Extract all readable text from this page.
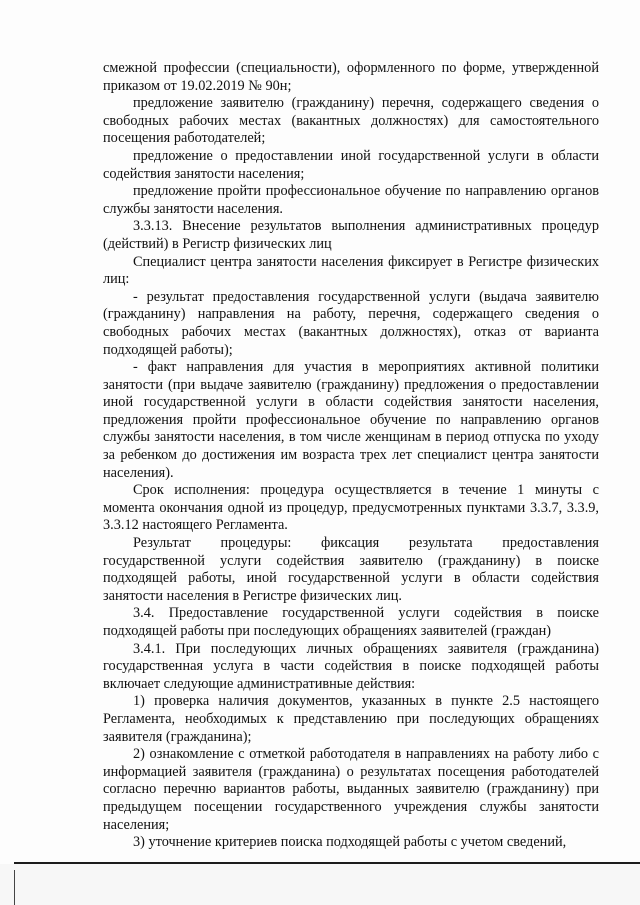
смежной профессии (специальности), оформленного по форме, утвержденной приказом от 19.02.2019 № 90н;

предложение заявителю (гражданину) перечня, содержащего сведения о свободных рабочих местах (вакантных должностях) для самостоятельного посещения работодателей;

предложение о предоставлении иной государственной услуги в области содействия занятости населения;

предложение пройти профессиональное обучение по направлению органов службы занятости населения.

3.3.13. Внесение результатов выполнения административных процедур (действий) в Регистр физических лиц

Специалист центра занятости населения фиксирует в Регистре физических лиц:

- результат предоставления государственной услуги (выдача заявителю (гражданину) направления на работу, перечня, содержащего сведения о свободных рабочих местах (вакантных должностях), отказ от варианта подходящей работы);

- факт направления для участия в мероприятиях активной политики занятости (при выдаче заявителю (гражданину) предложения о предоставлении иной государственной услуги в области содействия занятости населения, предложения пройти профессиональное обучение по направлению органов службы занятости населения, в том числе женщинам в период отпуска по уходу за ребенком до достижения им возраста трех лет специалист центра занятости населения).

Срок исполнения: процедура осуществляется в течение 1 минуты с момента окончания одной из процедур, предусмотренных пунктами 3.3.7, 3.3.9, 3.3.12 настоящего Регламента.

Результат процедуры: фиксация результата предоставления государственной услуги содействия заявителю (гражданину) в поиске подходящей работы, иной государственной услуги в области содействия занятости населения в Регистре физических лиц.

3.4. Предоставление государственной услуги содействия в поиске подходящей работы при последующих обращениях заявителей (граждан)

3.4.1. При последующих личных обращениях заявителя (гражданина) государственная услуга в части содействия в поиске подходящей работы включает следующие административные действия:

1) проверка наличия документов, указанных в пункте 2.5 настоящего Регламента, необходимых к представлению при последующих обращениях заявителя (гражданина);

2) ознакомление с отметкой работодателя в направлениях на работу либо с информацией заявителя (гражданина) о результатах посещения работодателей согласно перечню вариантов работы, выданных заявителю (гражданину) при предыдущем посещении государственного учреждения службы занятости населения;

3) уточнение критериев поиска подходящей работы с учетом сведений,
